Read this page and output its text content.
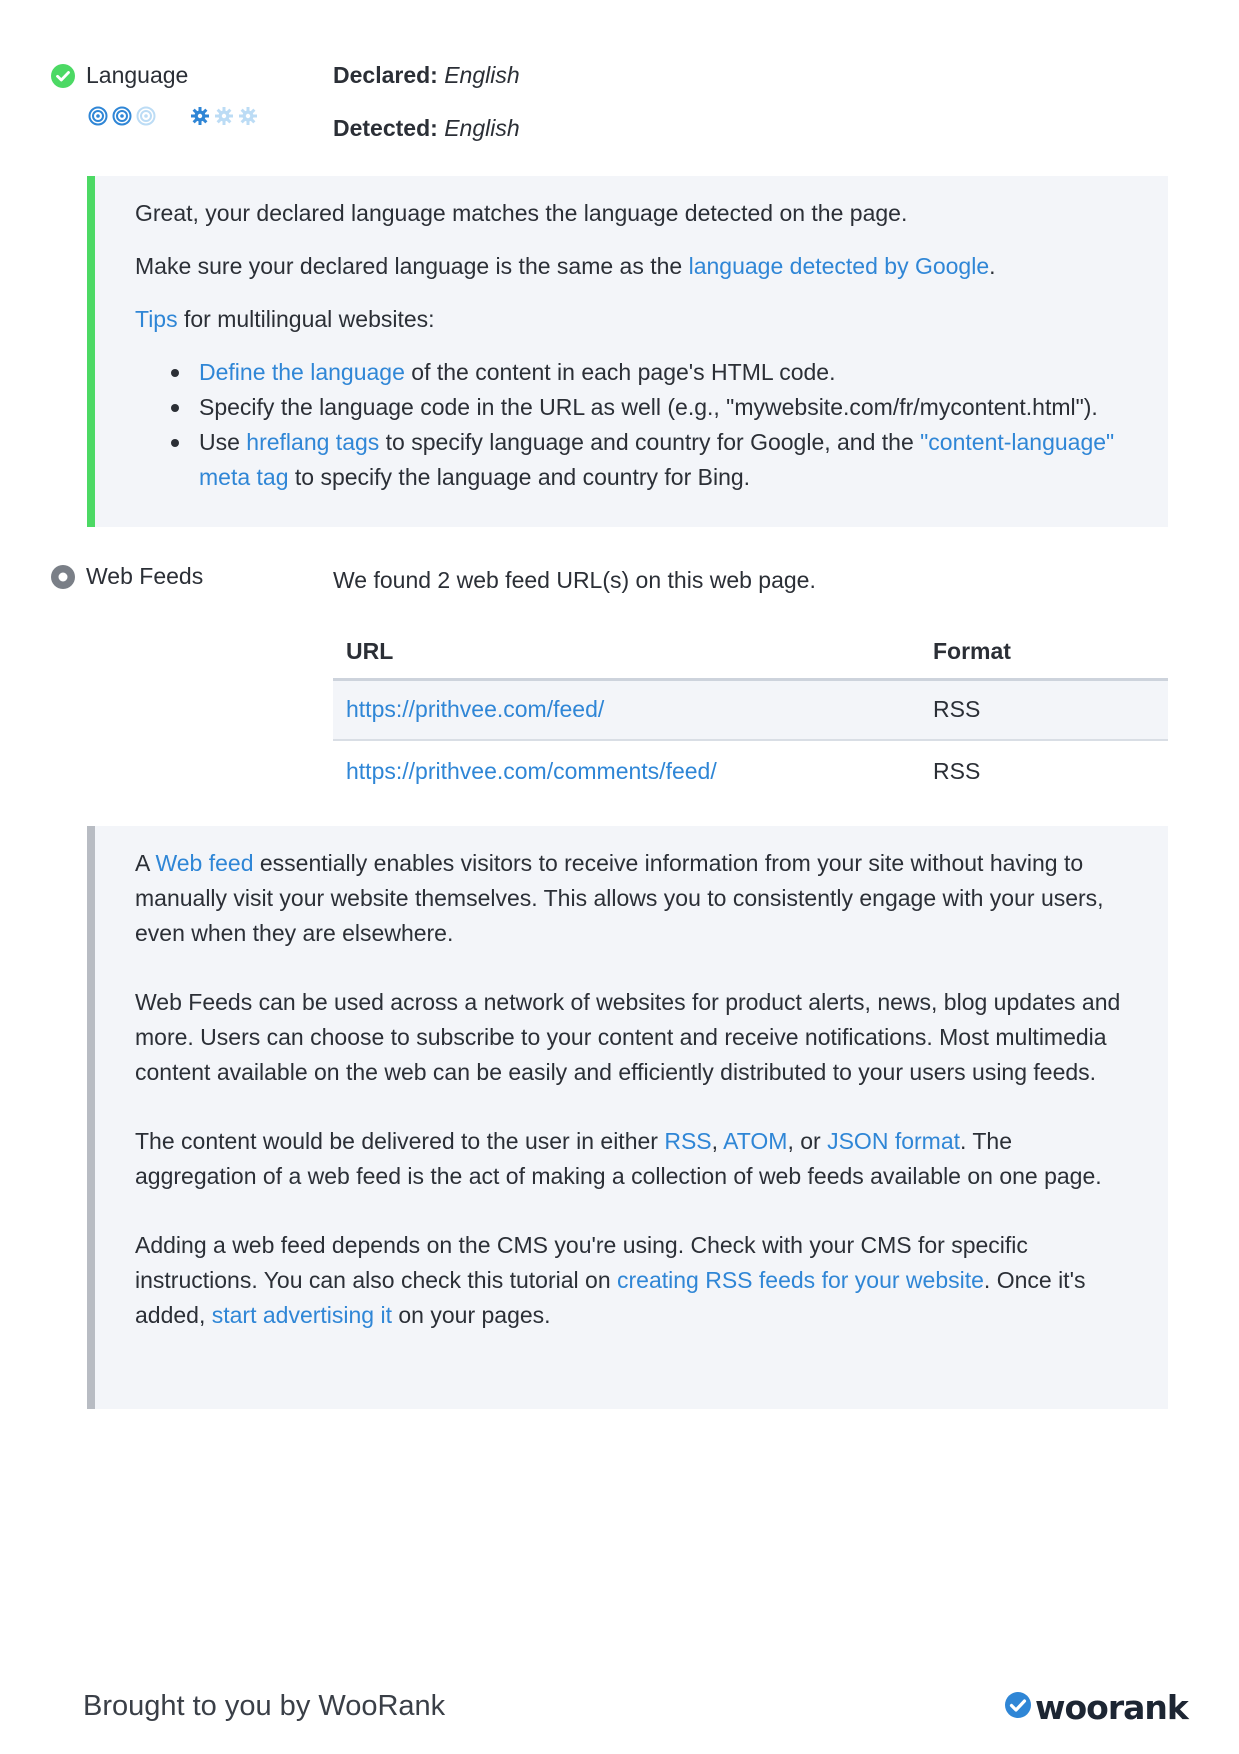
Language	Declared: English
Detected: English

Great, your declared language matches the language detected on the page.

Make sure your declared language is the same as the language detected by Google.

Tips for multilingual websites:

Define the language of the content in each page's HTML code.
Specify the language code in the URL as well (e.g., "mywebsite.com/fr/mycontent.html").
Use hreflang tags to specify language and country for Google, and the "content-language" meta tag to specify the language and country for Bing.
Web Feeds	We found 2 web feed URL(s) on this web page.
URL	Format
https://prithvee.com/feed/	RSS
https://prithvee.com/comments/feed/	RSS

A Web feed essentially enables visitors to receive information from your site without having to manually visit your website themselves. This allows you to consistently engage with your users, even when they are elsewhere.

Web Feeds can be used across a network of websites for product alerts, news, blog updates and more. Users can choose to subscribe to your content and receive notifications. Most multimedia content available on the web can be easily and efficiently distributed to your users using feeds.

The content would be delivered to the user in either RSS, ATOM, or JSON format. The aggregation of a web feed is the act of making a collection of web feeds available on one page.

Adding a web feed depends on the CMS you're using. Check with your CMS for specific instructions. You can also check this tutorial on creating RSS feeds for your website. Once it's added, start advertising it on your pages.

Brought to you by WooRank	woorank
